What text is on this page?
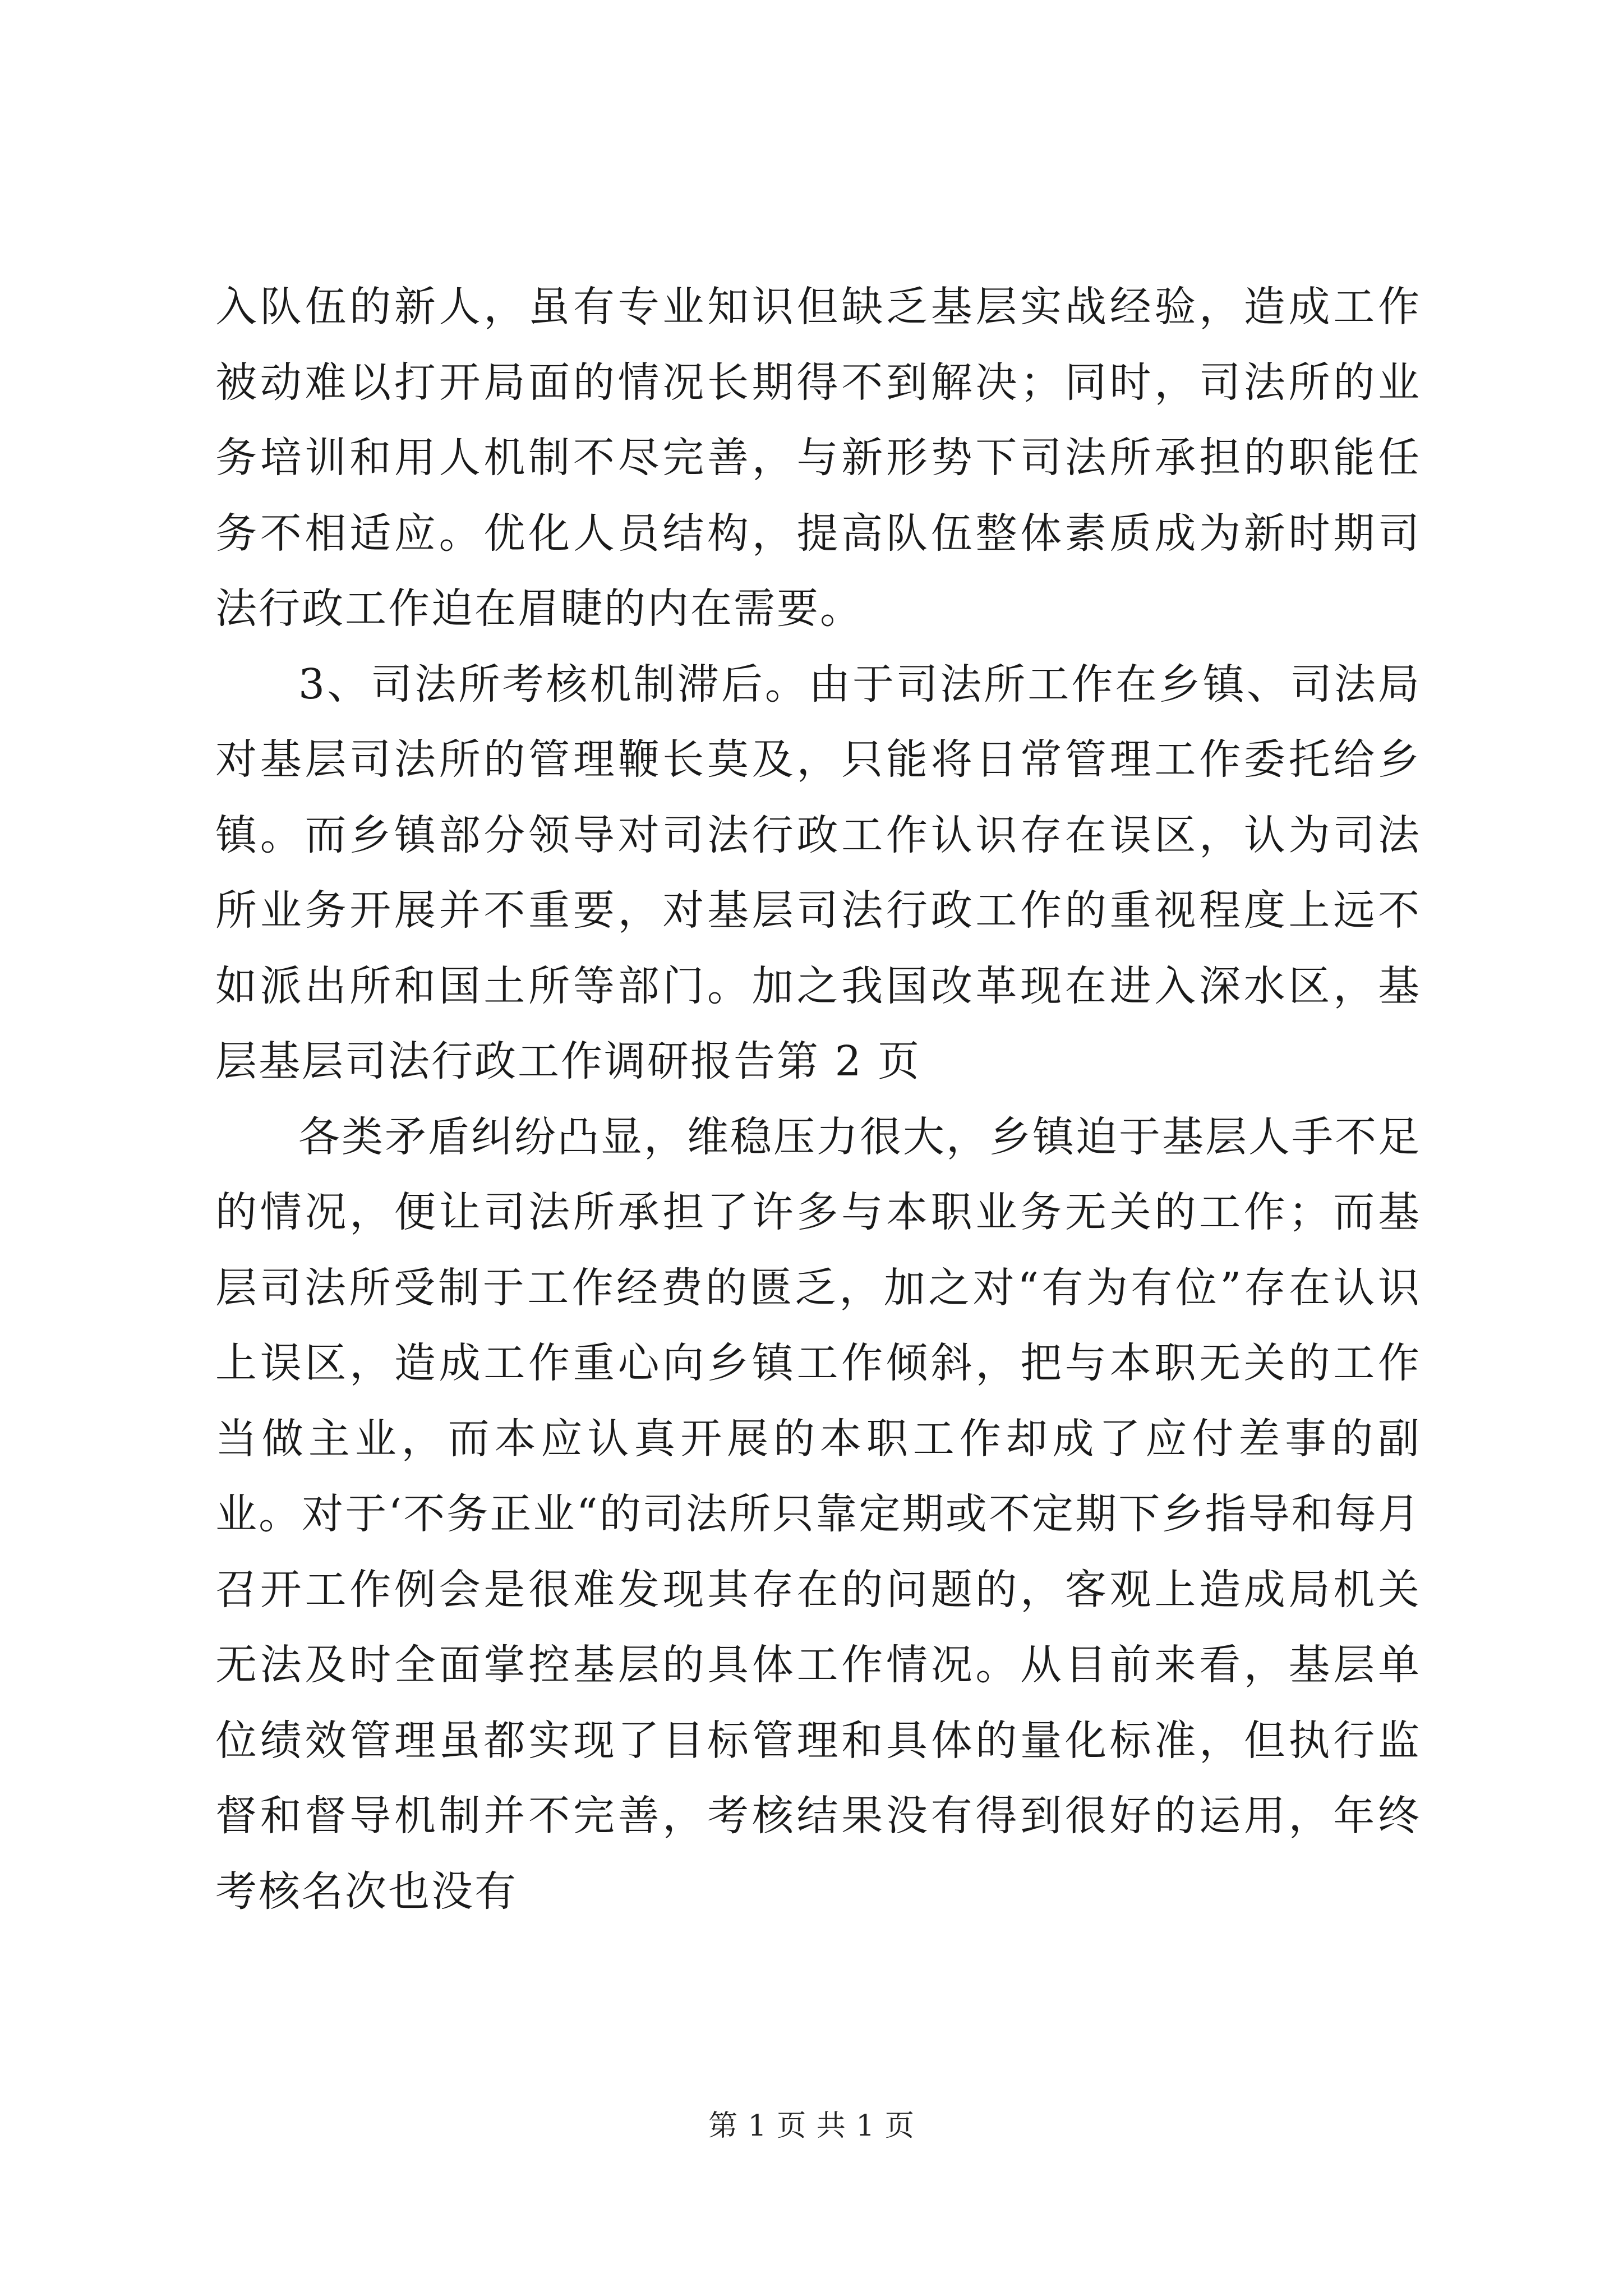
入队伍的新人，虽有专业知识但缺乏基层实战经验，造成工作被动难以打开局面的情况长期得不到解决；同时，司法所的业务培训和用人机制不尽完善，与新形势下司法所承担的职能任务不相适应。优化人员结构，提高队伍整体素质成为新时期司法行政工作迫在眉睫的内在需要。

3、司法所考核机制滞后。由于司法所工作在乡镇、司法局对基层司法所的管理鞭长莫及，只能将日常管理工作委托给乡镇。而乡镇部分领导对司法行政工作认识存在误区，认为司法所业务开展并不重要，对基层司法行政工作的重视程度上远不如派出所和国土所等部门。加之我国改革现在进入深水区，基层基层司法行政工作调研报告第 2 页

各类矛盾纠纷凸显，维稳压力很大，乡镇迫于基层人手不足的情况，便让司法所承担了许多与本职业务无关的工作；而基层司法所受制于工作经费的匮乏，加之对“有为有位”存在认识上误区，造成工作重心向乡镇工作倾斜，把与本职无关的工作当做主业，而本应认真开展的本职工作却成了应付差事的副业。对于‘不务正业“的司法所只靠定期或不定期下乡指导和每月召开工作例会是很难发现其存在的问题的，客观上造成局机关无法及时全面掌控基层的具体工作情况。从目前来看，基层单位绩效管理虽都实现了目标管理和具体的量化标准，但执行监督和督导机制并不完善，考核结果没有得到很好的运用，年终考核名次也没有

第 1 页 共 1 页
